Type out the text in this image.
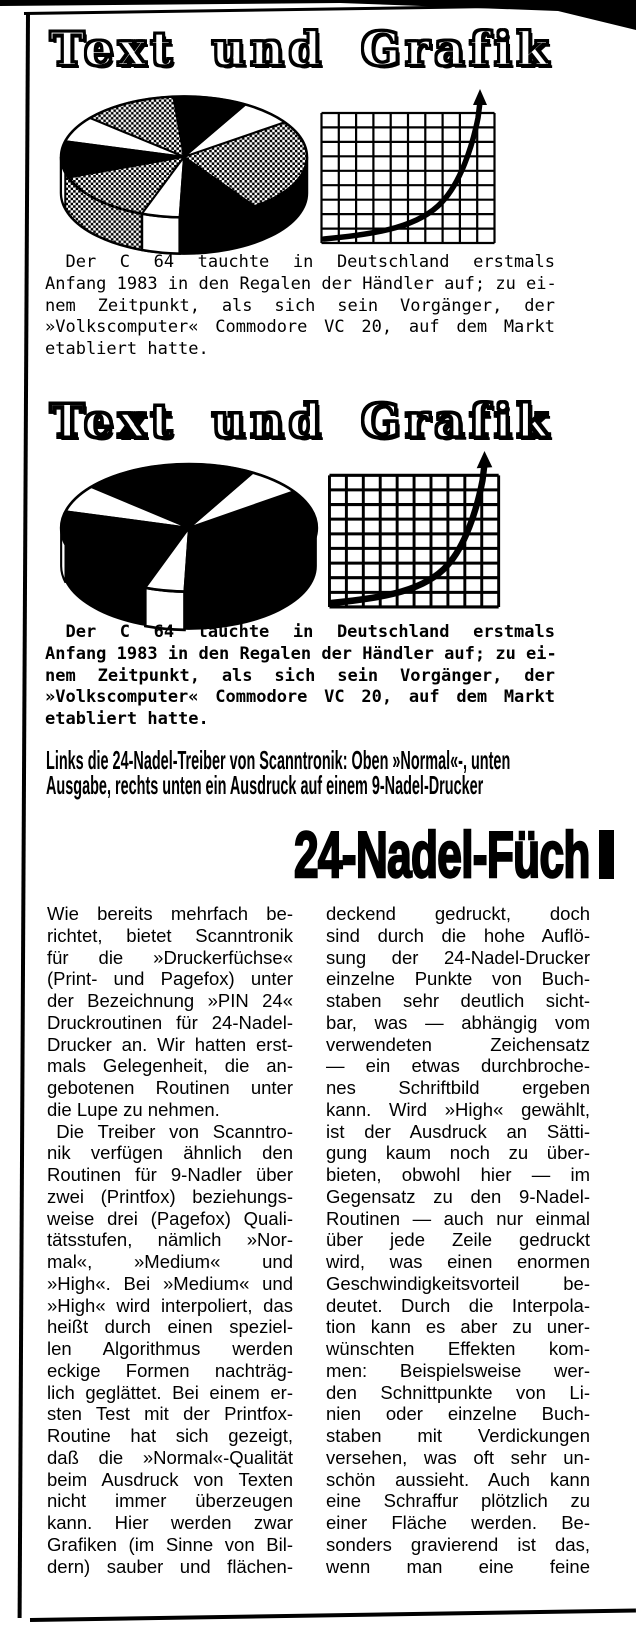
Text und Grafik
  Der C 64 tauchte in Deutschland erstmals
Anfang 1983 in den Regalen der Händler auf; zu ei-
nem Zeitpunkt, als sich sein Vorgänger, der
»Volkscomputer« Commodore VC 20, auf dem Markt
etabliert hatte.
Text und Grafik
  Der C 64 tauchte in Deutschland erstmals
Anfang 1983 in den Regalen der Händler auf; zu ei-
nem Zeitpunkt, als sich sein Vorgänger, der
»Volkscomputer« Commodore VC 20, auf dem Markt
etabliert hatte.
Links die 24-Nadel-Treiber von Scanntronik: Oben »Normal«-, unten
Ausgabe, rechts unten ein Ausdruck auf einem 9-Nadel-Drucker
24-Nadel-Füch
Wie bereits mehrfach be-
richtet, bietet Scanntronik
für die »Druckerfüchse«
(Print- und Pagefox) unter
der Bezeichnung »PIN 24«
Druckroutinen für 24-Nadel-
Drucker an. Wir hatten erst-
mals Gelegenheit, die an-
gebotenen Routinen unter
die Lupe zu nehmen.
 Die Treiber von Scanntro-
nik verfügen ähnlich den
Routinen für 9-Nadler über
zwei (Printfox) beziehungs-
weise drei (Pagefox) Quali-
tätsstufen, nämlich »Nor-
mal«, »Medium« und
»High«. Bei »Medium« und
»High« wird interpoliert, das
heißt durch einen speziel-
len Algorithmus werden
eckige Formen nachträg-
lich geglättet. Bei einem er-
sten Test mit der Printfox-
Routine hat sich gezeigt,
daß die »Normal«-Qualität
beim Ausdruck von Texten
nicht immer überzeugen
kann. Hier werden zwar
Grafiken (im Sinne von Bil-
dern) sauber und flächen-
deckend gedruckt, doch
sind durch die hohe Auflö-
sung der 24-Nadel-Drucker
einzelne Punkte von Buch-
staben sehr deutlich sicht-
bar, was — abhängig vom
verwendeten Zeichensatz
— ein etwas durchbroche-
nes Schriftbild ergeben
kann. Wird »High« gewählt,
ist der Ausdruck an Sätti-
gung kaum noch zu über-
bieten, obwohl hier — im
Gegensatz zu den 9-Nadel-
Routinen — auch nur einmal
über jede Zeile gedruckt
wird, was einen enormen
Geschwindigkeitsvorteil be-
deutet. Durch die Interpola-
tion kann es aber zu uner-
wünschten Effekten kom-
men: Beispielsweise wer-
den Schnittpunkte von Li-
nien oder einzelne Buch-
staben mit Verdickungen
versehen, was oft sehr un-
schön aussieht. Auch kann
eine Schraffur plötzlich zu
einer Fläche werden. Be-
sonders gravierend ist das,
wenn man eine feine
